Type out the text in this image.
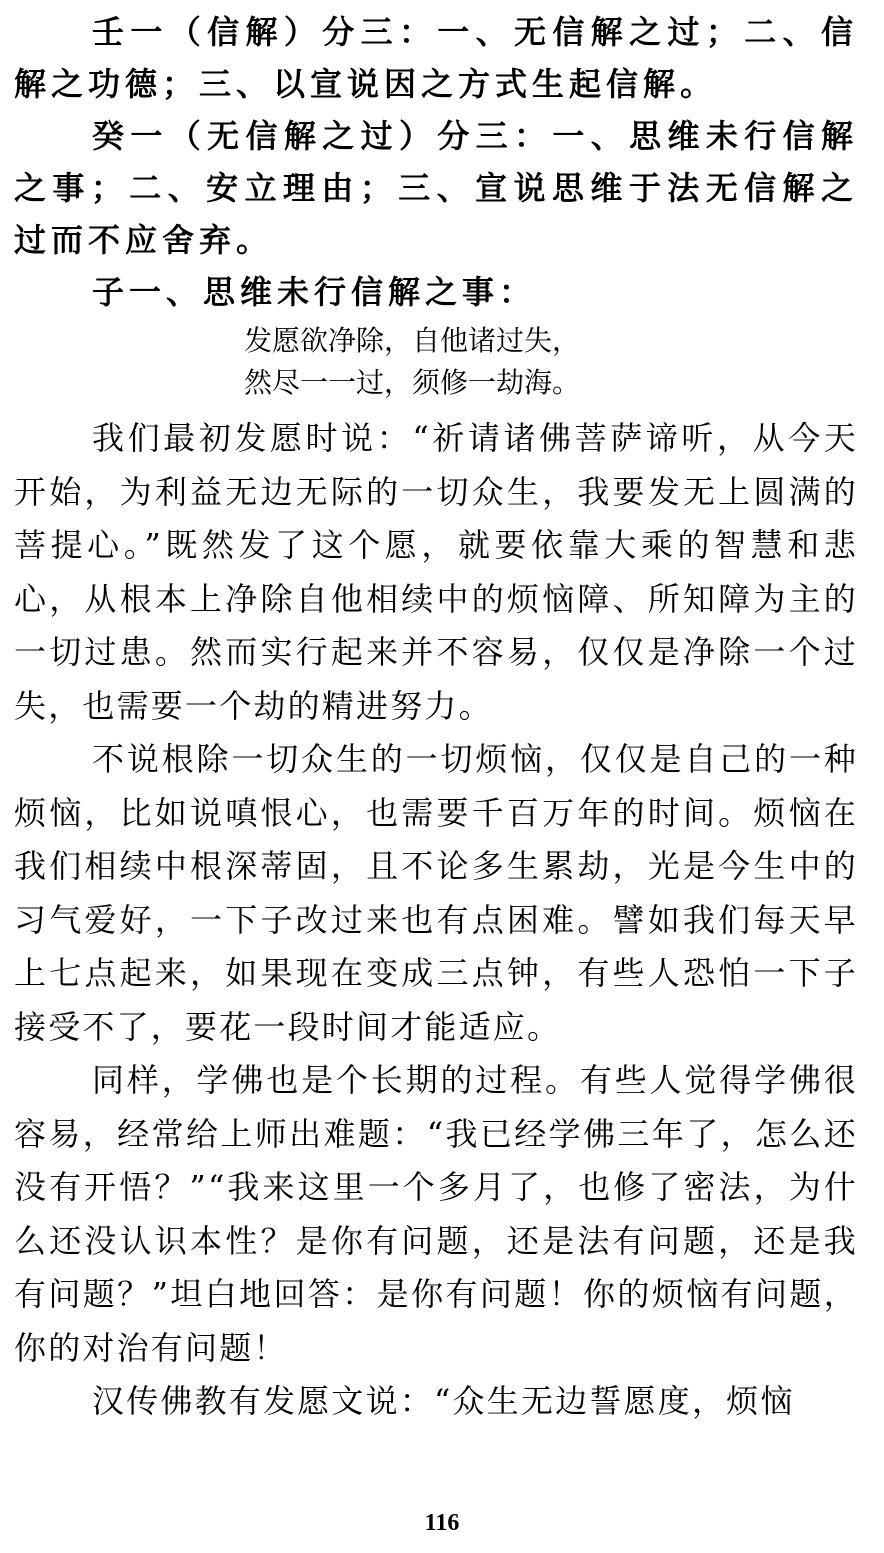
壬一（信解）分三：一、无信解之过；二、信解之功德；三、以宣说因之方式生起信解。

癸一（无信解之过）分三：一、思维未行信解之事；二、安立理由；三、宣说思维于法无信解之过而不应舍弃。

子一、思维未行信解之事：

发愿欲净除，自他诸过失，

然尽一一过，须修一劫海。

我们最初发愿时说：“祈请诸佛菩萨谛听，从今天开始，为利益无边无际的一切众生，我要发无上圆满的菩提心。”既然发了这个愿，就要依靠大乘的智慧和悲心，从根本上净除自他相续中的烦恼障、所知障为主的一切过患。然而实行起来并不容易，仅仅是净除一个过失，也需要一个劫的精进努力。

不说根除一切众生的一切烦恼，仅仅是自己的一种烦恼，比如说嗔恨心，也需要千百万年的时间。烦恼在我们相续中根深蒂固，且不论多生累劫，光是今生中的习气爱好，一下子改过来也有点困难。譬如我们每天早上七点起来，如果现在变成三点钟，有些人恐怕一下子接受不了，要花一段时间才能适应。

同样，学佛也是个长期的过程。有些人觉得学佛很容易，经常给上师出难题：“我已经学佛三年了，怎么还没有开悟？”“我来这里一个多月了，也修了密法，为什么还没认识本性？是你有问题，还是法有问题，还是我有问题？”坦白地回答：是你有问题！你的烦恼有问题，你的对治有问题！

汉传佛教有发愿文说：“众生无边誓愿度，烦恼

116
